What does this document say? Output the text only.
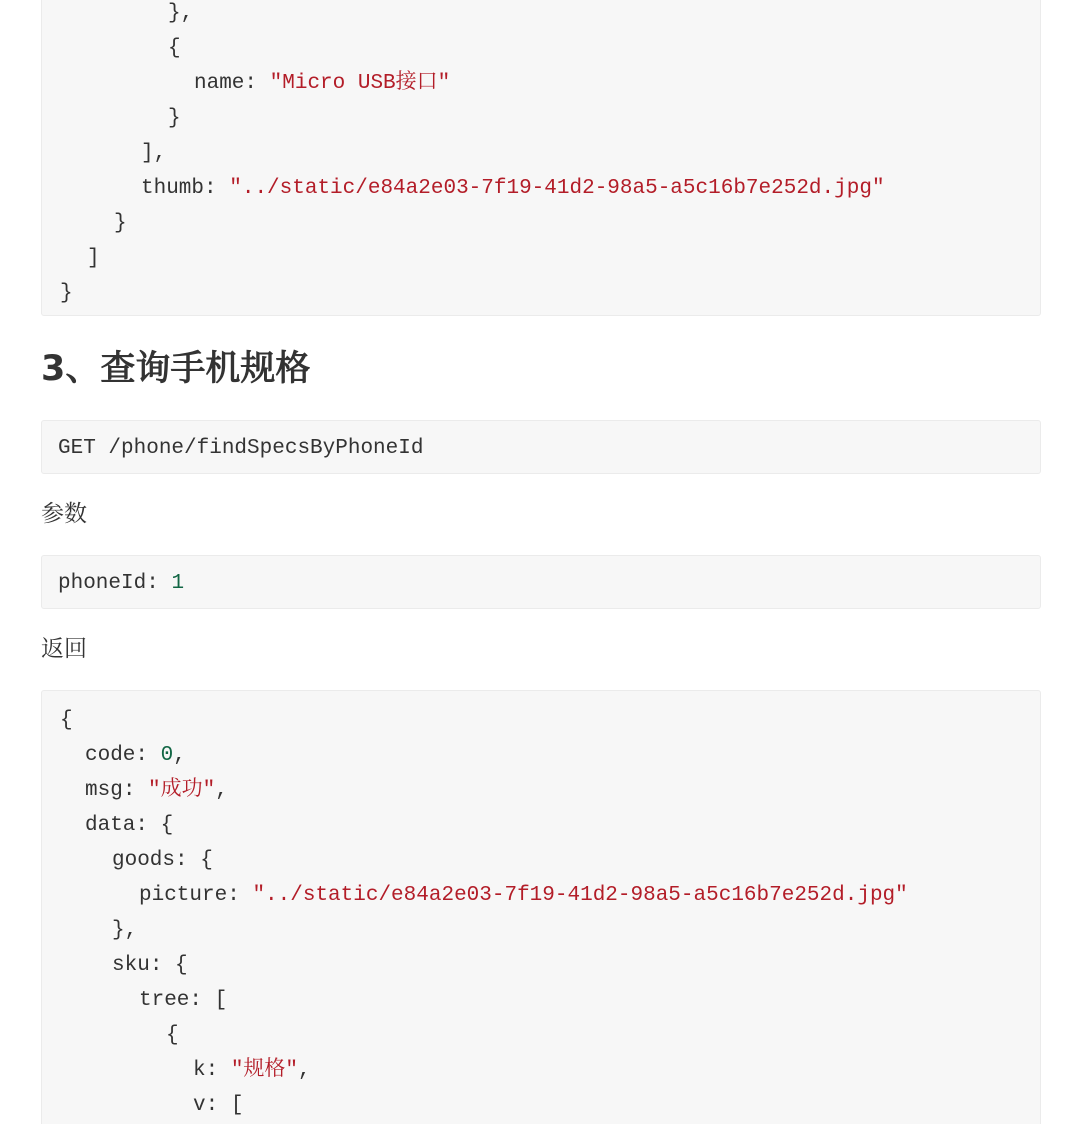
},
{
name: "Micro USB接口"
}
],
thumb: "../static/e84a2e03-7f19-41d2-98a5-a5c16b7e252d.jpg"
}
]
}
3、查询手机规格
GET /phone/findSpecsByPhoneId

参数

phoneId: 1

返回

{
code: 0,
msg: "成功",
data: {
goods: {
picture: "../static/e84a2e03-7f19-41d2-98a5-a5c16b7e252d.jpg"
},
sku: {
tree: [
{
k: "规格",
v: [
